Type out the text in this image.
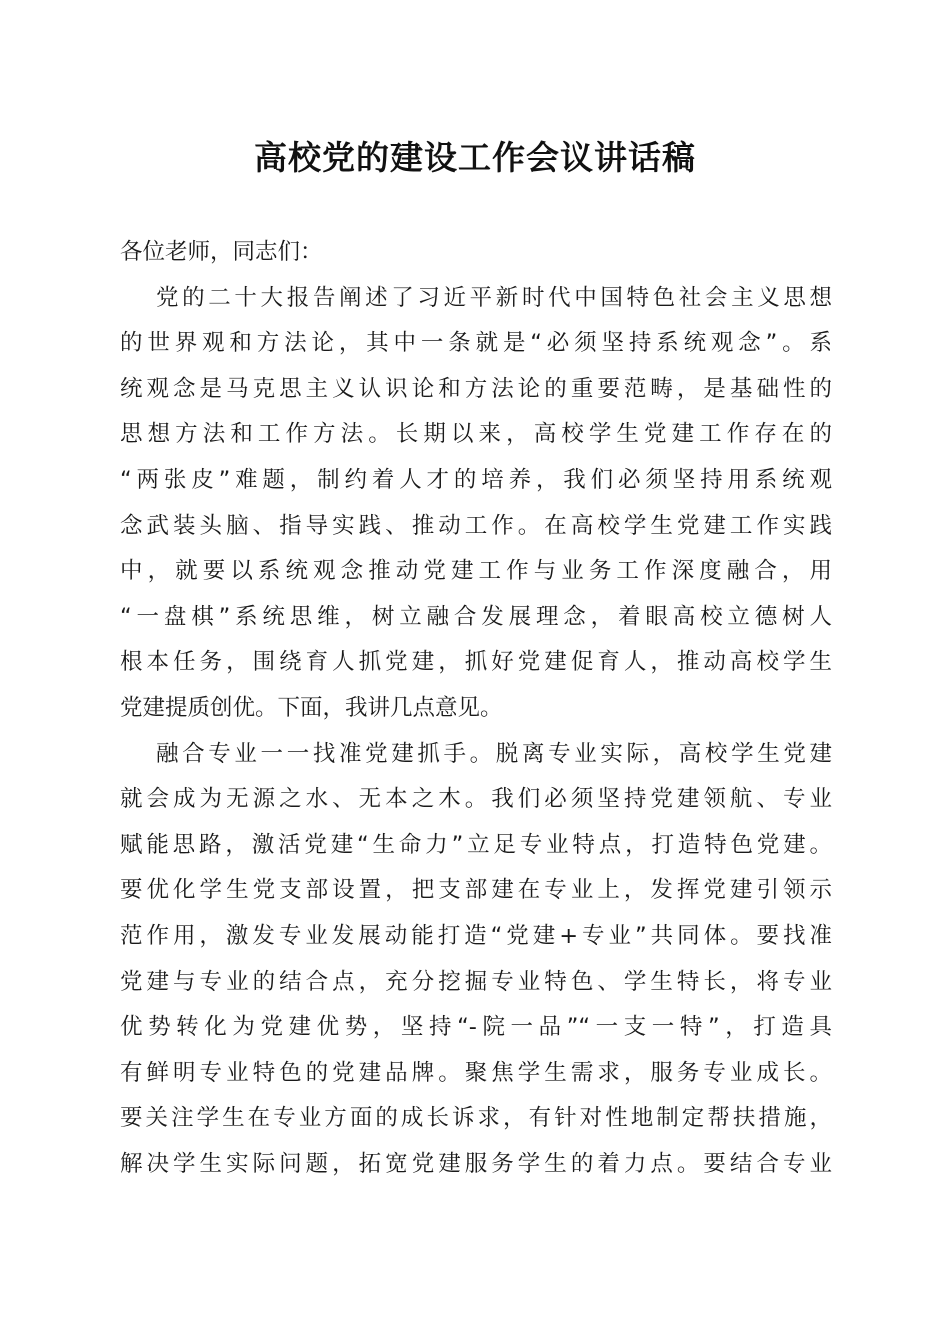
高校党的建设工作会议讲话稿
各位老师，同志们：
党的二十大报告阐述了习近平新时代中国特色社会主义思想
的世界观和方法论，其中一条就是“必须坚持系统观念”。系
统观念是马克思主义认识论和方法论的重要范畴，是基础性的
思想方法和工作方法。长期以来，高校学生党建工作存在的
“两张皮”难题，制约着人才的培养，我们必须坚持用系统观
念武装头脑、指导实践、推动工作。在高校学生党建工作实践
中，就要以系统观念推动党建工作与业务工作深度融合，用
“一盘棋”系统思维，树立融合发展理念，着眼高校立德树人
根本任务，围绕育人抓党建，抓好党建促育人，推动高校学生
党建提质创优。下面，我讲几点意见。
融合专业一一找准党建抓手。脱离专业实际，高校学生党建
就会成为无源之水、无本之木。我们必须坚持党建领航、专业
赋能思路，激活党建“生命力”立足专业特点，打造特色党建。
要优化学生党支部设置，把支部建在专业上，发挥党建引领示
范作用，激发专业发展动能打造“党建+专业”共同体。要找准
党建与专业的结合点，充分挖掘专业特色、学生特长，将专业
优势转化为党建优势，坚持“-院一品”“一支一特”，打造具
有鲜明专业特色的党建品牌。聚焦学生需求，服务专业成长。
要关注学生在专业方面的成长诉求，有针对性地制定帮扶措施，
解决学生实际问题，拓宽党建服务学生的着力点。要结合专业
